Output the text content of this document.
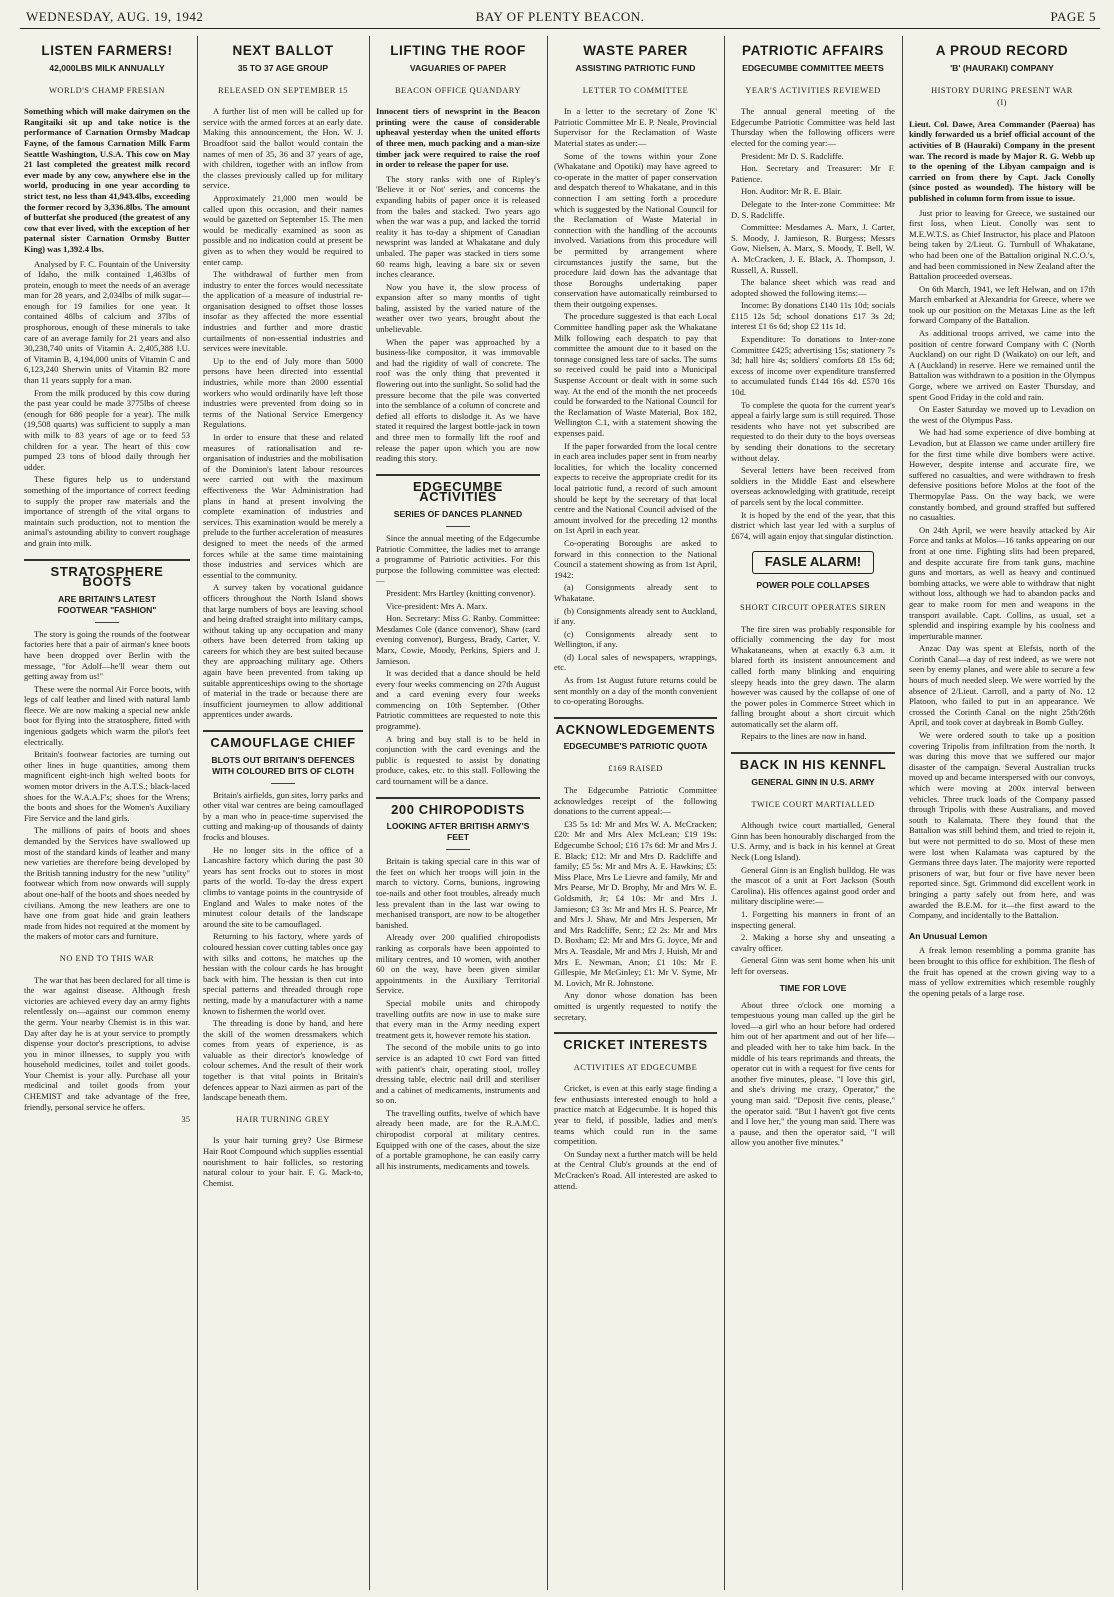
WEDNESDAY, AUG. 19, 1942	BAY OF PLENTY BEACON.	PAGE 5
LISTEN FARMERS!
42,000LBS MILK ANNUALLY
WORLD'S CHAMP FRESIAN

Something which will make dairymen on the Rangitaiki sit up and take notice is the performance of Carnation Ormsby Madcap Fayne, of the famous Carnation Milk Farm Seattle Washington, U.S.A. This cow on May 21 last completed the greatest milk record ever made by any cow, anywhere else in the world, producing in one year according to strict test, no less than 41,943.4lbs, exceeding the former record by 3,336.8lbs. The amount of butterfat she produced (the greatest of any cow that ever lived, with the exception of her paternal sister Carnation Ormsby Butter King) was 1,392.4 lbs.

Analysed by F. C. Fountain of the University of Idaho, the milk contained 1,463lbs of protein, enough to meet the needs of an average man for 28 years, and 2,034lbs of milk sugar—enough for 19 families for one year. It contained 48lbs of calcium and 37lbs of prosphorous, enough of these minerals to take care of an average family for 21 years and also 30,238,740 units of Vitamin A. 2,405,388 I.U. of Vitamin B, 4,194,000 units of Vitamin C and 6,123,240 Sherwin units of Vitamin B2 more than 11 years supply for a man.

From the milk produced by this cow during the past year could be made 3775lbs of cheese (enough for 686 people for a year). The milk (19,508 quarts) was sufficient to supply a man with milk to 83 years of age or to feed 53 children for a year. The heart of this cow pumped 23 tons of blood daily through her udder.

These figures help us to understand something of the importance of correct feeding to supply the proper raw materials and the importance of strength of the vital organs to maintain such production, not to mention the animal's astounding ability to convert roughage and grain into milk.

STRATOSPHERE BOOTS
ARE BRITAIN'S LATEST FOOTWEAR "FASHION"

The story is going the rounds of the footwear factories here that a pair of airman's knee boots have been dropped over Berlin with the message, "for Adolf—he'll wear them out getting away from us!"

These were the normal Air Force boots, with legs of calf leather and lined with natural lamb fleece. We are now making a special new ankle boot for flying into the stratosphere, fitted with ingenious gadgets which warm the pilot's feet electrically.

Britain's footwear factories are turning out other lines in huge quantities, among them magnificent eight-inch high welted boots for women motor drivers in the A.T.S.; black-laced shoes for the W.A.A.F's; shoes for the Wrens; the boots and shoes for the Women's Auxiliary Fire Service and the land girls.

The millions of pairs of boots and shoes demanded by the Services have swallowed up most of the standard kinds of leather and many new varieties are therefore being developed by the British tanning industry for the new "utility" footwear which from now onwards will supply about one-half of the boots and shoes needed by civilians. Among the new leathers are one to have one from goat hide and grain leathers made from hides not required at the moment by the makers of motor cars and furniture.

NO END TO THIS WAR

The war that has been declared for all time is the war against disease. Although fresh victories are achieved every day an army fights relentlessly on—against our common enemy the germ. Your nearby Chemist is in this war. Day after day he is at your service to promptly dispense your doctor's prescriptions, to advise you in minor illnesses, to supply you with household medicines, toilet and toilet goods. Your Chemist is your ally. Purchase all your medicinal and toilet goods from your CHEMIST and take advantage of the free, friendly, personal service he offers.

35
NEXT BALLOT
35 TO 37 AGE GROUP
RELEASED ON SEPTEMBER 15

A further list of men will be called up for service with the armed forces at an early date. Making this announcement, the Hon. W. J. Broadfoot said the ballot would contain the names of men of 35, 36 and 37 years of age, with children, together with an inflow from the classes previously called up for military service.

Approximately 21,000 men would be called upon this occasion, and their names would be gazetted on September 15. The men would be medically examined as soon as possible and no indication could at present be given as to when they would be required to enter camp.

The withdrawal of further men from industry to enter the forces would necessitate the application of a measure of industrial re-organisation designed to offset those losses insofar as they affected the more essential industries and further and more drastic curtailments of non-essential industries and services were inevitable.

Up to the end of July more than 5000 persons have been directed into essential industries, while more than 2000 essential workers who would ordinarily have left those industries were prevented from doing so in terms of the National Service Emergency Regulations.

In order to ensure that these and related measures of rationalisation and re-organisation of industries and the mobilisation of the Dominion's latent labour resources were carried out with the maximum effectiveness the War Administration had plans in hand at present involving the complete examination of industries and services. This examination would be merely a prelude to the further acceleration of measures designed to meet the needs of the armed forces while at the same time maintaining those industries and services which are essential to the community.

A survey taken by vocational guidance officers throughout the North Island shows that large numbers of boys are leaving school and being drafted straight into military camps, without taking up any occupation and many others have been deterred from taking up careers for which they are best suited because they are approaching military age. Others again have been prevented from taking up suitable apprenticeships owing to the shortage of material in the trade or because there are insufficient journeymen to allow additional apprentices under awards.

CAMOUFLAGE CHIEF
BLOTS OUT BRITAIN'S DEFENCES WITH COLOURED BITS OF CLOTH

Britain's airfields, gun sites, lorry parks and other vital war centres are being camouflaged by a man who in peace-time supervised the cutting and making-up of thousands of dainty frocks and blouses.

He no longer sits in the office of a Lancashire factory which during the past 30 years has sent frocks out to stores in most parts of the world. To-day the dress expert climbs to vantage points in the countryside of England and Wales to make notes of the minutest colour details of the landscape around the site to be camouflaged.

Returning to his factory, where yards of coloured hessian cover cutting tables once gay with silks and cottons, he matches up the hessian with the colour cards he has brought back with him. The hessian is then cut into special patterns and threaded through rope netting, made by a manufacturer with a name known to fishermen the world over.

The threading is done by hand, and here the skill of the women dressmakers which comes from years of experience, is as valuable as their director's knowledge of colour schemes. And the result of their work together is that vital points in Britain's defences appear to Nazi airmen as part of the landscape beneath them.

HAIR TURNING GREY

Is your hair turning grey? Use Birmese Hair Root Compound which supplies essential nourishment to hair follicles, so restoring natural colour to your hair. F. G. Mack-to, Chemist.

LIFTING THE ROOF
VAGUARIES OF PAPER
BEACON OFFICE QUANDARY

Innocent tiers of newsprint in the Beacon printing were the cause of considerable upheaval yesterday when the united efforts of three men, much packing and a man-size timber jack were required to raise the roof in order to release the paper for use.

The story ranks with one of Ripley's 'Believe it or Not' series, and concerns the expanding habits of paper once it is released from the bales and stacked. Two years ago when the war was a pup, and lacked the torrid reality it has to-day a shipment of Canadian newsprint was landed at Whakatane and duly unbaled. The paper was stacked in tiers some 60 reams high, leaving a bare six or seven inches clearance.

Now you have it, the slow process of expansion after so many months of tight baling, assisted by the varied nature of the weather over two years, brought about the unbelievable.

When the paper was approached by a business-like compositor, it was immovable and had the rigidity of wall of concrete. The roof was the only thing that prevented it flowering out into the sunlight. So solid had the pressure become that the pile was converted into the semblance of a column of concrete and defied all efforts to dislodge it. As we have stated it required the largest bottle-jack in town and three men to formally lift the roof and release the paper upon which you are now reading this story.

EDGECUMBE ACTIVITIES
SERIES OF DANCES PLANNED

Since the annual meeting of the Edgecumbe Patriotic Committee, the ladies met to arrange a programme of Patriotic activities. For this purpose the following committee was elected:—

President: Mrs Hartley (knitting convenor).

Vice-president: Mrs A. Marx.

Hon. Secretary: Miss G. Ranby. Committee: Mesdames Cole (dance convenor), Shaw (card evening convenor), Burgess, Brady, Carter, V. Marx, Cowie, Moody, Perkins, Spiers and J. Jamieson.

It was decided that a dance should be held every four weeks commencing on 27th August and a card evening every four weeks commencing on 10th September. (Other Patriotic committees are requested to note this programme).

A bring and buy stall is to be held in conjunction with the card evenings and the public is requested to assist by donating produce, cakes, etc. to this stall. Following the card tournament will be a dance.

200 CHIROPODISTS
LOOKING AFTER BRITISH ARMY'S FEET

Britain is taking special care in this war of the feet on which her troops will join in the march to victory. Corns, bunions, ingrowing toe-nails and other foot troubles, already much less prevalent than in the last war owing to mechanised transport, are now to be altogether banished.

Already over 200 qualified chiropodists ranking as corporals have been appointed to military centres, and 10 women, with another 60 on the way, have been given similar appointments in the Auxiliary Territorial Service.

Special mobile units and chiropody travelling outfits are now in use to make sure that every man in the Army needing expert treatment gets it, however remote his station.

The second of the mobile units to go into service is an adapted 10 cwt Ford van fitted with patient's chair, operating stool, trolley dressing table, electric nail drill and steriliser and a cabinet of medicaments, instruments and so on.

The travelling outfits, twelve of which have already been made, are for the R.A.M.C. chiropodist corporal at military centres. Equipped with one of the cases, about the size of a portable gramophone, he can easily carry all his instruments, medicaments and towels.

WASTE PARER
ASSISTING PATRIOTIC FUND
LETTER TO COMMITTEE

In a letter to the secretary of Zone 'K' Patriotic Committee Mr E. P. Neale, Provincial Supervisor for the Reclamation of Waste Material states as under:—

Some of the towns within your Zone (Whakatane and Opotiki) may have agreed to co-operate in the matter of paper conservation and despatch thereof to Whakatane, and in this connection I am setting forth a procedure which is suggested by the National Council for the Reclamation of Waste Material in connection with the handling of the accounts involved. Variations from this procedure will be permitted by arrangement where circumstances justify the same, but the procedure laid down has the advantage that those Boroughs undertaking paper conservation have automatically reimbursed to them their outgoing expenses.

The procedure suggested is that each Local Committee handling paper ask the Whakatane Milk following each despatch to pay that committee the amount due to it based on the tonnage consigned less tare of sacks. The sums so received could be paid into a Municipal Suspense Account or dealt with in some such way. At the end of the month the net proceeds could be forwarded to the National Council for the Reclamation of Waste Material, Box 182, Wellington C.1, with a statement showing the expenses paid.

If the paper forwarded from the local centre in each area includes paper sent in from nearby localities, for which the locality concerned expects to receive the appropriate credit for its local patriotic fund, a record of such amount should be kept by the secretary of that local centre and the National Council advised of the amount involved for the preceding 12 months on 1st April in each year.

Co-operating Boroughs are asked to forward in this connection to the National Council a statement showing as from 1st April, 1942:

(a) Consignments already sent to Whakatane.

(b) Consignments already sent to Auckland, if any.

(c) Consignments already sent to Wellington, if any.

(d) Local sales of newspapers, wrappings, etc.

As from 1st August future returns could be sent monthly on a day of the month convenient to co-operating Boroughs.

ACKNOWLEDGEMENTS
EDGECUMBE'S PATRIOTIC QUOTA
£169 RAISED

The Edgecumbe Patriotic Committee acknowledges receipt of the following donations to the current appeal:—

£35 5s 1d: Mr and Mrs W. A. McCracken; £20: Mr and Mrs Alex McLean; £19 19s: Edgecumbe School; £16 17s 6d: Mr and Mrs J. E. Black; £12: Mr and Mrs D. Radcliffe and family; £5 5s: Mr and Mrs A. E. Hawkins; £5: Miss Place, Mrs Le Lievre and family, Mr and Mrs Pearse, Mr D. Brophy, Mr and Mrs W. E. Goldsmith, Jr; £4 10s: Mr and Mrs J. Jamieson; £3 3s: Mr and Mrs H. S. Pearce, Mr and Mrs J. Shaw, Mr and Mrs Jespersen, Mr and Mrs Radcliffe, Senr.; £2 2s: Mr and Mrs D. Boxham; £2: Mr and Mrs G. Joyce, Mr and Mrs A. Teasdale, Mr and Mrs J. Huish, Mr and Mrs E. Newman, Anon; £1 10s: Mr F. Gillespie, Mr McGinley; £1: Mr V. Syme, Mr M. Lovich, Mr R. Johnstone.

Any donor whose donation has been omitted is urgently requested to notify the secretary.

CRICKET INTERESTS
ACTIVITIES AT EDGECUMBE

Cricket, is even at this early stage finding a few enthusiasts interested enough to hold a practice match at Edgecumbe. It is hoped this year to field, if possible, ladies and men's teams which could run in the same competition.

On Sunday next a further match will be held at the Central Club's grounds at the end of McCracken's Road. All interested are asked to attend.

PATRIOTIC AFFAIRS
EDGECUMBE COMMITTEE MEETS
YEAR'S ACTIVITIES REVIEWED

The annual general meeting of the Edgecumbe Patriotic Committee was held last Thursday when the following officers were elected for the coming year:—

President: Mr D. S. Radcliffe.

Hon. Secretary and Treasurer: Mr F. Patience.

Hon. Auditor: Mr R. E. Blair.

Delegate to the Inter-zone Committee: Mr D. S. Radcliffe.

Committee: Mesdames A. Marx, J. Carter, S. Moody, J. Jamieson, R. Burgess; Messrs Gow, Nielsen, A. Marx, S. Moody, T. Bell, W. A. McCracken, J. E. Black, A. Thompson, J. Russell, A. Russell.

The balance sheet which was read and adopted showed the following items:—

Income: By donations £140 11s 10d; socials £115 12s 5d; school donations £17 3s 2d; interest £1 6s 6d; shop £2 11s 1d.

Expenditure: To donations to Inter-zone Committee £425; advertising 15s; stationery 7s 3d; hall hire 4s; soldiers' comforts £8 15s 6d; excess of income over expenditure transferred to accumulated funds £144 16s 4d. £570 16s 10d.

To complete the quota for the current year's appeal a fairly large sum is still required. Those residents who have not yet subscribed are requested to do their duty to the boys overseas by sending their donations to the secretary without delay.

Several letters have been received from soldiers in the Middle East and elsewhere overseas acknowledging with gratitude, receipt of parcels sent by the local committee.

It is hoped by the end of the year, that this district which last year led with a surplus of £674, will again enjoy that singular distinction.

FASLE ALARM!
POWER POLE COLLAPSES
SHORT CIRCUIT OPERATES SIREN

The fire siren was probably responsible for officially commencing the day for most Whakataneans, when at exactly 6.3 a.m. it blared forth its insistent announcement and called forth many blinking and enquiring sleepy heads into the grey dawn. The alarm however was caused by the collapse of one of the power poles in Commerce Street which in falling brought about a short circuit which automatically set the alarm off.

Repairs to the lines are now in hand.

BACK IN HIS KENNFL
GENERAL GINN IN U.S. ARMY
TWICE COURT MARTIALLED

Although twice court martialled, General Ginn has been honourably discharged from the U.S. Army, and is back in his kennel at Great Neck (Long Island).

General Ginn is an English bulldog. He was the mascot of a unit at Fort Jackson (South Carolina). His offences against good order and military discipline were:—

1. Forgetting his manners in front of an inspecting general.

2. Making a horse shy and unseating a cavalry officer.

General Ginn was sent home when his unit left for overseas.

TIME FOR LOVE

About three o'clock one morning a tempestuous young man called up the girl he loved—a girl who an hour before had ordered him out of her apartment and out of her life—and pleaded with her to take him back. In the middle of his tears reprimands and threats, the operator cut in with a request for five cents for another five minutes, please. "I love this girl, and she's driving me crazy, Operator," the young man said. "Deposit five cents, please," the operator said. "But I haven't got five cents and I love her," the young man said. There was a pause, and then the operator said, "I will allow you another five minutes."

A PROUD RECORD
'B' (HAURAKI) COMPANY
HISTORY DURING PRESENT WAR
(I)

Lieut. Col. Dawe, Area Commander (Paeroa) has kindly forwarded us a brief official account of the activities of B (Hauraki) Company in the present war. The record is made by Major R. G. Webb up to the opening of the Libyan campaign and is carried on from there by Capt. Jack Conolly (since posted as wounded). The history will be published in column form from issue to issue.

Just prior to leaving for Greece, we sustained our first loss, when Lieut. Conolly was sent to M.E.W.T.S. as Chief Instructor, his place and Platoon being taken by 2/Lieut. G. Turnbull of Whakatane, who had been one of the Battalion original N.C.O.'s, and had been commissioned in New Zealand after the Battalion proceeded overseas.

On 6th March, 1941, we left Helwan, and on 17th March embarked at Alexandria for Greece, where we took up our position on the Metaxas Line as the left forward Company of the Battalion.

As additional troops arrived, we came into the position of centre forward Company with C (North Auckland) on our right D (Waikato) on our left, and A (Auckland) in reserve. Here we remained until the Battalion was withdrawn to a position in the Olympus Gorge, where we arrived on Easter Thursday, and spent Good Friday in the cold and rain.

On Easter Saturday we moved up to Levadion on the west of the Olympus Pass.

We had had some experience of dive bombing at Levadion, but at Elasson we came under artillery fire for the first time while dive bombers were active. However, despite intense and accurate fire, we suffered no casualties, and were withdrawn to fresh defensive positions before Molos at the foot of the Thermopylae Pass. On the way back, we were constantly bombed, and ground straffed but suffered no casualties.

On 24th April, we were heavily attacked by Air Force and tanks at Molos—16 tanks appearing on our front at one time. Fighting slits had been prepared, and despite accurate fire from tank guns, machine guns and mortars, as well as heavy and continued bombing attacks, we were able to withdraw that night without loss, although we had to abandon packs and gear to make room for men and weapons in the transport available. Capt. Collins, as usual, set a splendid and inspiring example by his coolness and imperturable manner.

Anzac Day was spent at Elefsis, north of the Corinth Canal—a day of rest indeed, as we were not seen by enemy planes, and were able to secure a few hours of much needed sleep. We were worried by the absence of 2/Lieut. Carroll, and a party of No. 12 Platoon, who failed to put in an appearance. We crossed the Corinth Canal on the night 25th/26th April, and took cover at daybreak in Bomb Gulley.

We were ordered south to take up a position covering Tripolis from infiltration from the north. It was during this move that we suffered our major disaster of the campaign. Several Australian trucks moved up and became interspersed with our convoys, which were moving at 200x interval between vehicles. Three truck loads of the Company passed through Tripolis with these Australians, and moved south to Kalamata. There they found that the Battalion was still behind them, and tried to rejoin it, but were not permitted to do so. Most of these men were lost when Kalamata was captured by the Germans three days later. The majority were reported prisoners of war, but four or five have never been reported since. Sgt. Grimmond did excellent work in bringing a party safely out from here, and was awarded the B.E.M. for it—the first award to the Company, and incidentally to the Battalion.

An Unusual Lemon

A freak lemon resembling a pomma granite has been brought to this office for exhibition. The flesh of the fruit has opened at the crown giving way to a mass of yellow extremities which resemble roughly the opening petals of a large rose.
